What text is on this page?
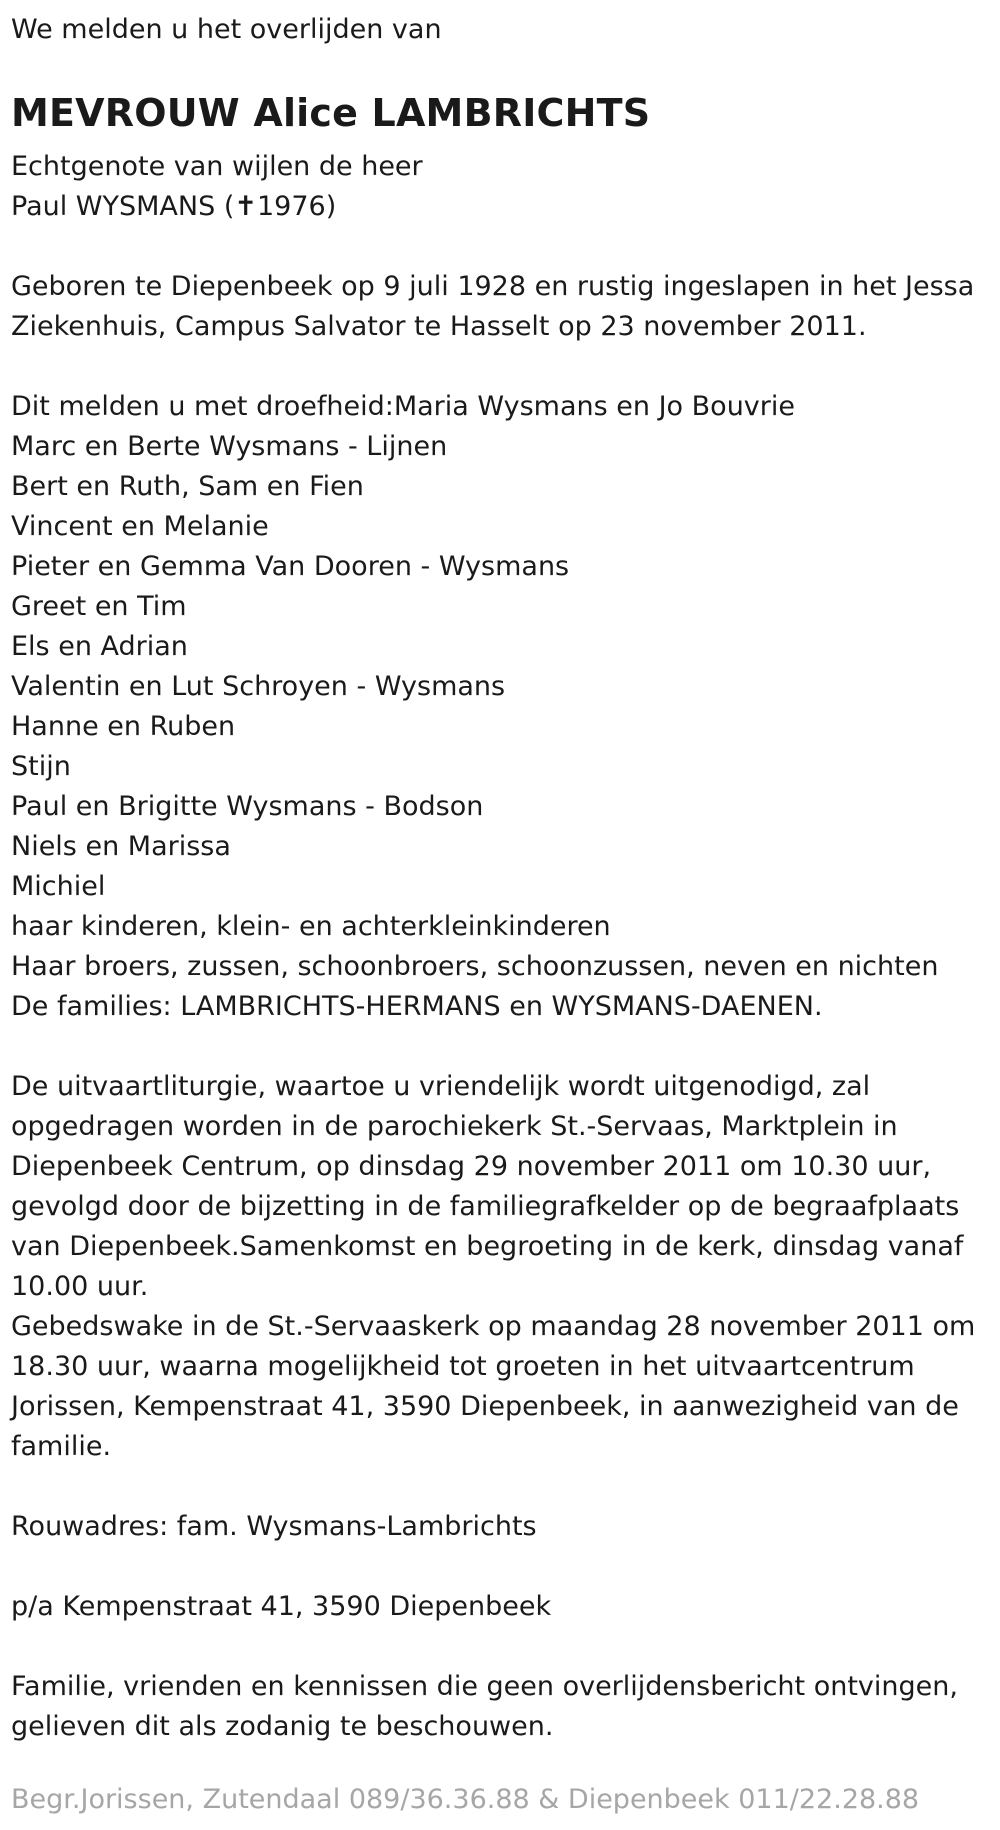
We melden u het overlijden van

MEVROUW Alice LAMBRICHTS
Echtgenote van wijlen de heer
Paul WYSMANS (✝1976)
Geboren te Diepenbeek op 9 juli 1928 en rustig ingeslapen in het Jessa
Ziekenhuis, Campus Salvator te Hasselt op 23 november 2011.
Dit melden u met droefheid:Maria Wysmans en Jo Bouvrie
Marc en Berte Wysmans - Lijnen
Bert en Ruth, Sam en Fien
Vincent en Melanie
Pieter en Gemma Van Dooren - Wysmans
Greet en Tim
Els en Adrian
Valentin en Lut Schroyen - Wysmans
Hanne en Ruben
Stijn
Paul en Brigitte Wysmans - Bodson
Niels en Marissa
Michiel
haar kinderen, klein- en achterkleinkinderen
Haar broers, zussen, schoonbroers, schoonzussen, neven en nichten
De families: LAMBRICHTS-HERMANS en WYSMANS-DAENEN.
De uitvaartliturgie, waartoe u vriendelijk wordt uitgenodigd, zal
opgedragen worden in de parochiekerk St.-Servaas, Marktplein in
Diepenbeek Centrum, op dinsdag 29 november 2011 om 10.30 uur,
gevolgd door de bijzetting in de familiegrafkelder op de begraafplaats
van Diepenbeek.Samenkomst en begroeting in de kerk, dinsdag vanaf
10.00 uur.
Gebedswake in de St.-Servaaskerk op maandag 28 november 2011 om
18.30 uur, waarna mogelijkheid tot groeten in het uitvaartcentrum
Jorissen, Kempenstraat 41, 3590 Diepenbeek, in aanwezigheid van de
familie.
Rouwadres: fam. Wysmans-Lambrichts
p/a Kempenstraat 41, 3590 Diepenbeek
Familie, vrienden en kennissen die geen overlijdensbericht ontvingen,
gelieven dit als zodanig te beschouwen.
Begr.Jorissen, Zutendaal 089/36.36.88 & Diepenbeek 011/22.28.88
